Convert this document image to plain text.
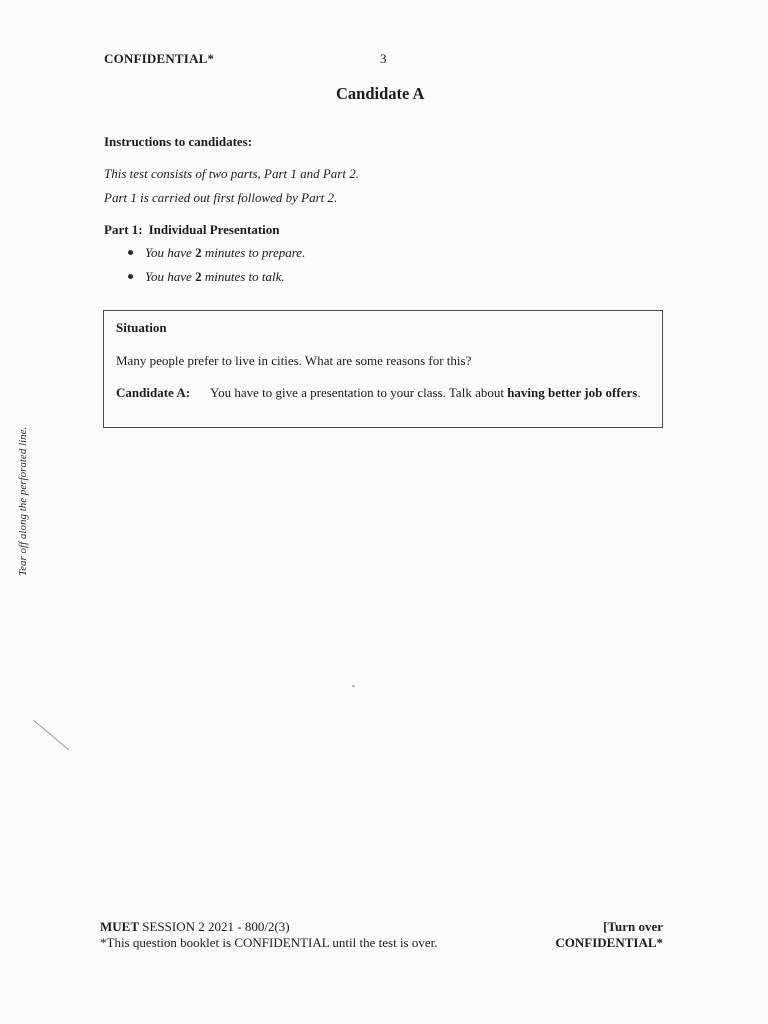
CONFIDENTIAL*	3
Candidate A
Instructions to candidates:
This test consists of two parts, Part 1 and Part 2.
Part 1 is carried out first followed by Part 2.
Part 1: Individual Presentation
You have 2 minutes to prepare.
You have 2 minutes to talk.
Situation
Many people prefer to live in cities. What are some reasons for this?
Candidate A: You have to give a presentation to your class. Talk about having better job offers.
Tear off along the perforated line.
MUET SESSION 2 2021 - 800/2(3)
*This question booklet is CONFIDENTIAL until the test is over.
[Turn over
CONFIDENTIAL*
